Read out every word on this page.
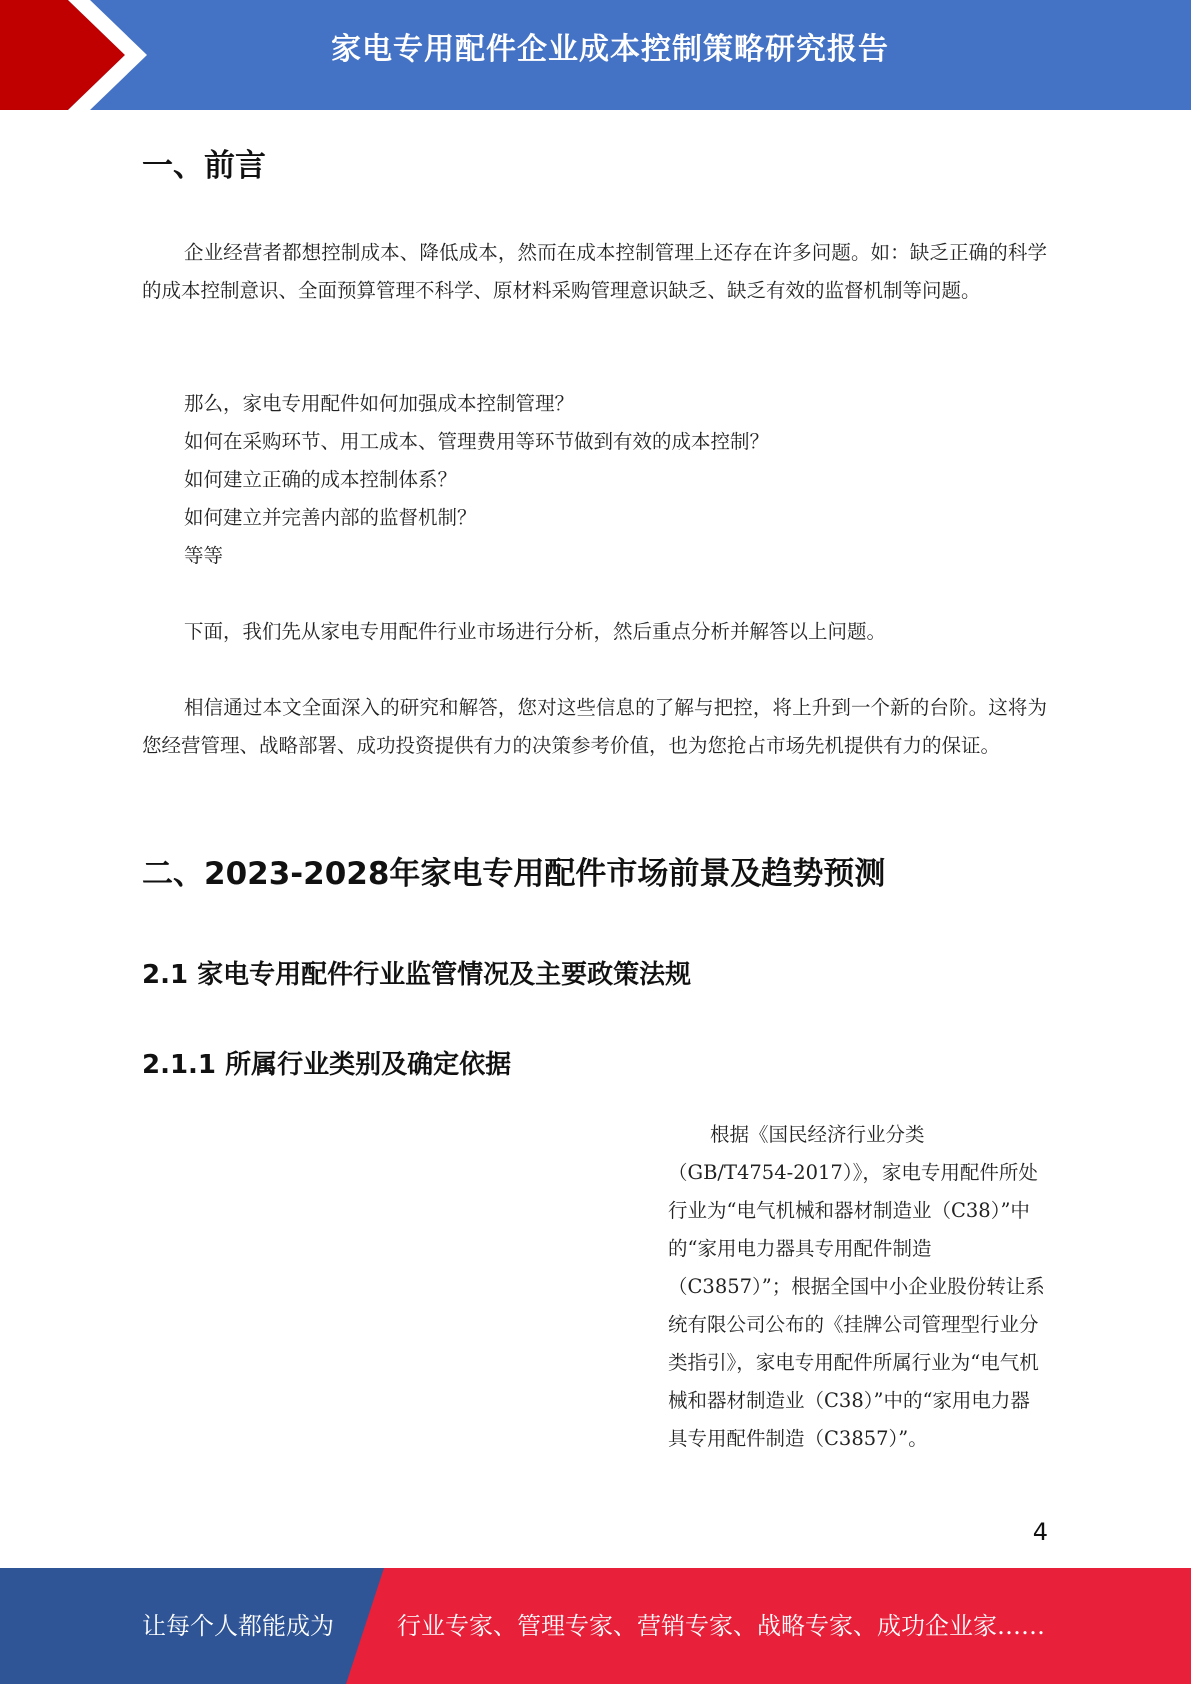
家电专用配件企业成本控制策略研究报告
一、前言

企业经营者都想控制成本、降低成本，然而在成本控制管理上还存在许多问题。如：缺乏正确的科学的成本控制意识、全面预算管理不科学、原材料采购管理意识缺乏、缺乏有效的监督机制等问题。

那么，家电专用配件如何加强成本控制管理？

如何在采购环节、用工成本、管理费用等环节做到有效的成本控制？

如何建立正确的成本控制体系？

如何建立并完善内部的监督机制？

等等

下面，我们先从家电专用配件行业市场进行分析，然后重点分析并解答以上问题。

相信通过本文全面深入的研究和解答，您对这些信息的了解与把控，将上升到一个新的台阶。这将为您经营管理、战略部署、成功投资提供有力的决策参考价值，也为您抢占市场先机提供有力的保证。

二、2023-2028年家电专用配件市场前景及趋势预测
2.1 家电专用配件行业监管情况及主要政策法规
2.1.1 所属行业类别及确定依据

根据《国民经济行业分类（GB/T4754-2017）》，家电专用配件所处行业为“电气机械和器材制造业（C38）”中的“家用电力器具专用配件制造（C3857）”；根据全国中小企业股份转让系统有限公司公布的《挂牌公司管理型行业分类指引》，家电专用配件所属行业为“电气机械和器材制造业（C38）”中的“家用电力器具专用配件制造（C3857）”。

4
让每个人都能成为	行业专家、管理专家、营销专家、战略专家、成功企业家……
